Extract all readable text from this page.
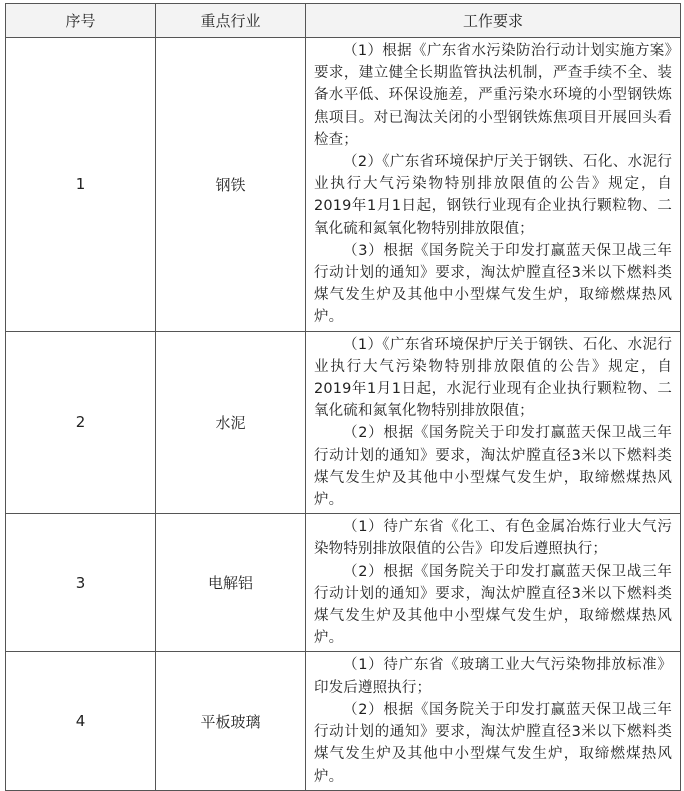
序号	重点行业	工作要求
1	钢铁	（1）根据《广东省水污染防治行动计划实施方案》要求，建立健全长期监管执法机制，严查手续不全、装备水平低、环保设施差，严重污染水环境的小型钢铁炼焦项目。对已淘汰关闭的小型钢铁炼焦项目开展回头看检查；
（2）《广东省环境保护厅关于钢铁、石化、水泥行业执行大气污染物特别排放限值的公告》规定，自2019年1月1日起，钢铁行业现有企业执行颗粒物、二氧化硫和氮氧化物特别排放限值；
（3）根据《国务院关于印发打赢蓝天保卫战三年行动计划的通知》要求，淘汰炉膛直径3米以下燃料类煤气发生炉及其他中小型煤气发生炉，取缔燃煤热风炉。

2	水泥	（1）《广东省环境保护厅关于钢铁、石化、水泥行业执行大气污染物特别排放限值的公告》规定，自2019年1月1日起，水泥行业现有企业执行颗粒物、二氧化硫和氮氧化物特别排放限值；
（2）根据《国务院关于印发打赢蓝天保卫战三年行动计划的通知》要求，淘汰炉膛直径3米以下燃料类煤气发生炉及其他中小型煤气发生炉，取缔燃煤热风炉。

3	电解铝	（1）待广东省《化工、有色金属冶炼行业大气污染物特别排放限值的公告》印发后遵照执行；
（2）根据《国务院关于印发打赢蓝天保卫战三年行动计划的通知》要求，淘汰炉膛直径3米以下燃料类煤气发生炉及其他中小型煤气发生炉，取缔燃煤热风炉。

4	平板玻璃	（1）待广东省《玻璃工业大气污染物排放标准》印发后遵照执行；
（2）根据《国务院关于印发打赢蓝天保卫战三年行动计划的通知》要求，淘汰炉膛直径3米以下燃料类煤气发生炉及其他中小型煤气发生炉，取缔燃煤热风炉。
